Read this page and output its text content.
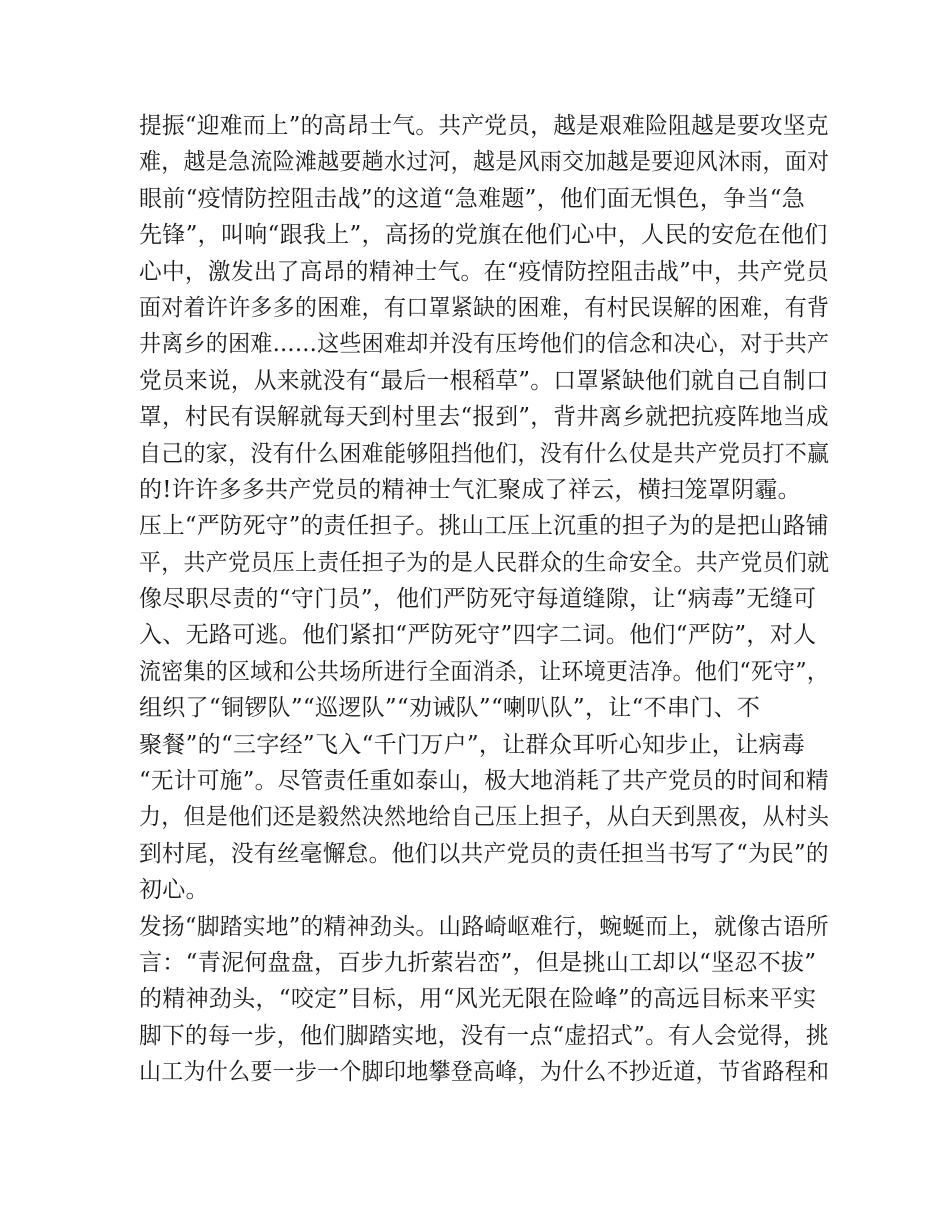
提振“迎难而上”的高昂士气。共产党员，越是艰难险阻越是要攻坚克
难，越是急流险滩越要趟水过河，越是风雨交加越是要迎风沐雨，面对
眼前“疫情防控阻击战”的这道“急难题”，他们面无惧色，争当“急
先锋”，叫响“跟我上”，高扬的党旗在他们心中，人民的安危在他们
心中，激发出了高昂的精神士气。在“疫情防控阻击战”中，共产党员
面对着许许多多的困难，有口罩紧缺的困难，有村民误解的困难，有背
井离乡的困难……这些困难却并没有压垮他们的信念和决心，对于共产
党员来说，从来就没有“最后一根稻草”。口罩紧缺他们就自己自制口
罩，村民有误解就每天到村里去“报到”，背井离乡就把抗疫阵地当成
自己的家，没有什么困难能够阻挡他们，没有什么仗是共产党员打不赢
的!许许多多共产党员的精神士气汇聚成了祥云，横扫笼罩阴霾。
压上“严防死守”的责任担子。挑山工压上沉重的担子为的是把山路铺
平，共产党员压上责任担子为的是人民群众的生命安全。共产党员们就
像尽职尽责的“守门员”，他们严防死守每道缝隙，让“病毒”无缝可
入、无路可逃。他们紧扣“严防死守”四字二词。他们“严防”，对人
流密集的区域和公共场所进行全面消杀，让环境更洁净。他们“死守”，
组织了“铜锣队”“巡逻队”“劝诫队”“喇叭队”，让“不串门、不
聚餐”的“三字经”飞入“千门万户”，让群众耳听心知步止，让病毒
“无计可施”。尽管责任重如泰山，极大地消耗了共产党员的时间和精
力，但是他们还是毅然决然地给自己压上担子，从白天到黑夜，从村头
到村尾，没有丝毫懈怠。他们以共产党员的责任担当书写了“为民”的
初心。
发扬“脚踏实地”的精神劲头。山路崎岖难行，蜿蜒而上，就像古语所
言：“青泥何盘盘，百步九折萦岩峦”，但是挑山工却以“坚忍不拔”
的精神劲头，“咬定”目标，用“风光无限在险峰”的高远目标来平实
脚下的每一步，他们脚踏实地，没有一点“虚招式”。有人会觉得，挑
山工为什么要一步一个脚印地攀登高峰，为什么不抄近道，节省路程和
